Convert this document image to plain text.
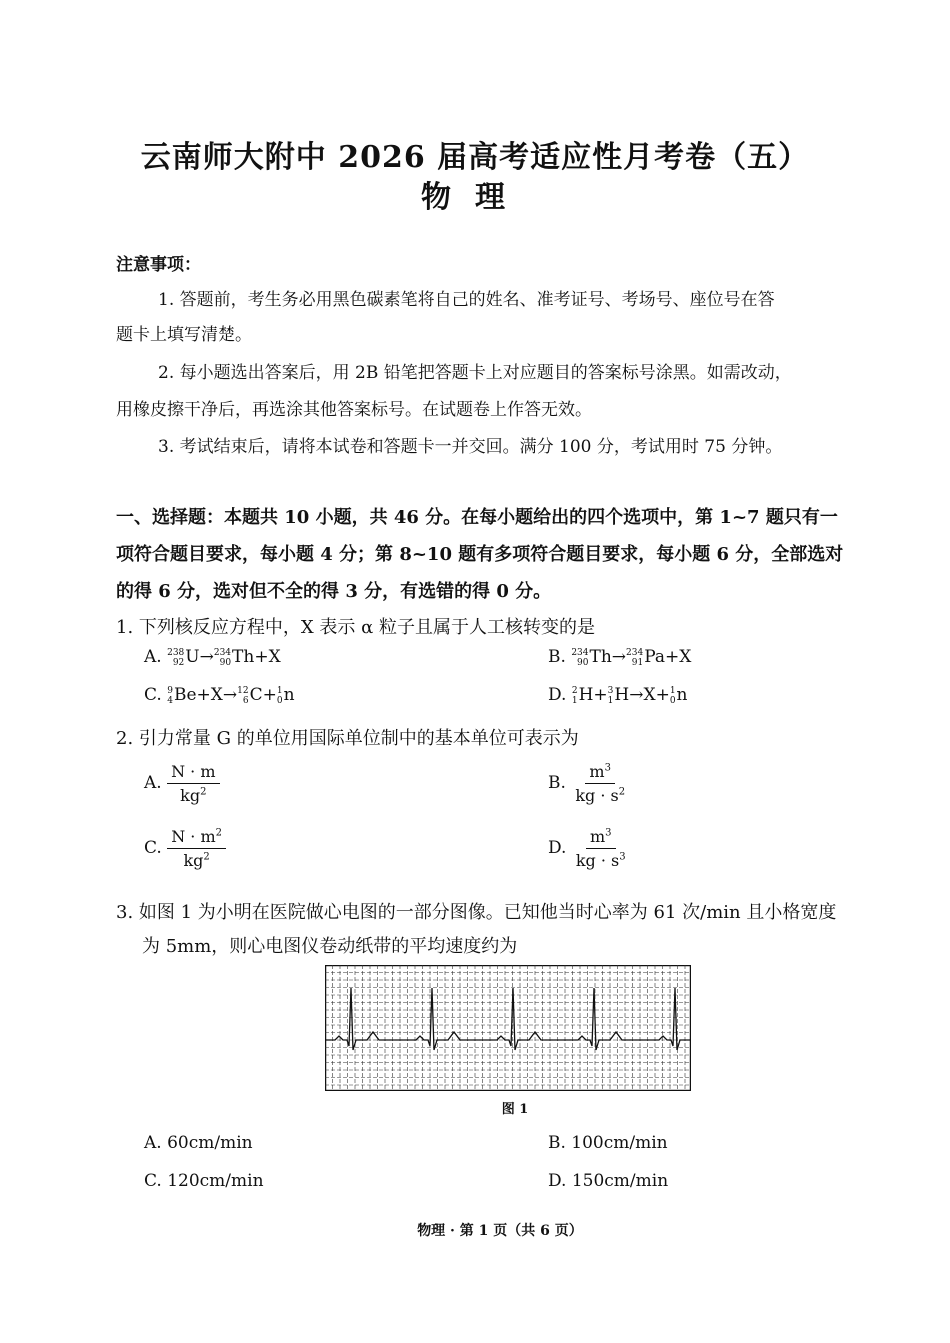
云南师大附中 2026 届高考适应性月考卷（五）
物理
注意事项：
1. 答题前，考生务必用黑色碳素笔将自己的姓名、准考证号、考场号、座位号在答
题卡上填写清楚。
2. 每小题选出答案后，用 2B 铅笔把答题卡上对应题目的答案标号涂黑。如需改动，
用橡皮擦干净后，再选涂其他答案标号。在试题卷上作答无效。
3. 考试结束后，请将本试卷和答题卡一并交回。满分 100 分，考试用时 75 分钟。
一、选择题：本题共 10 小题，共 46 分。在每小题给出的四个选项中，第 1~7 题只有一
项符合题目要求，每小题 4 分；第 8~10 题有多项符合题目要求，每小题 6 分，全部选对
的得 6 分，选对但不全的得 3 分，有选错的得 0 分。
1. 下列核反应方程中，X 表示 α 粒子且属于人工核转变的是
A. 238
92 U→ 234
90 Th+X	B. 234
90 Th→ 234
91 Pa+X
C. 9
4 Be+X→ 12
6 C+ 1
0 n	D. 2
1 H+ 3
1 H→X+ 1
0 n
2. 引力常量 G 的单位用国际单位制中的基本单位可表示为
A. $\frac{N \cdot m}{kg^2}$	B. $\frac{m^3}{kg \cdot s^2}$
C. $\frac{N \cdot m^2}{kg^2}$	D. $\frac{m^3}{kg \cdot s^3}$
3. 如图 1 为小明在医院做心电图的一部分图像。已知他当时心率为 61 次/min 且小格宽度
为 5mm，则心电图仪卷动纸带的平均速度约为
图 1
A. 60cm/min	B. 100cm/min
C. 120cm/min	D. 150cm/min
物理 · 第 1 页（共 6 页）
